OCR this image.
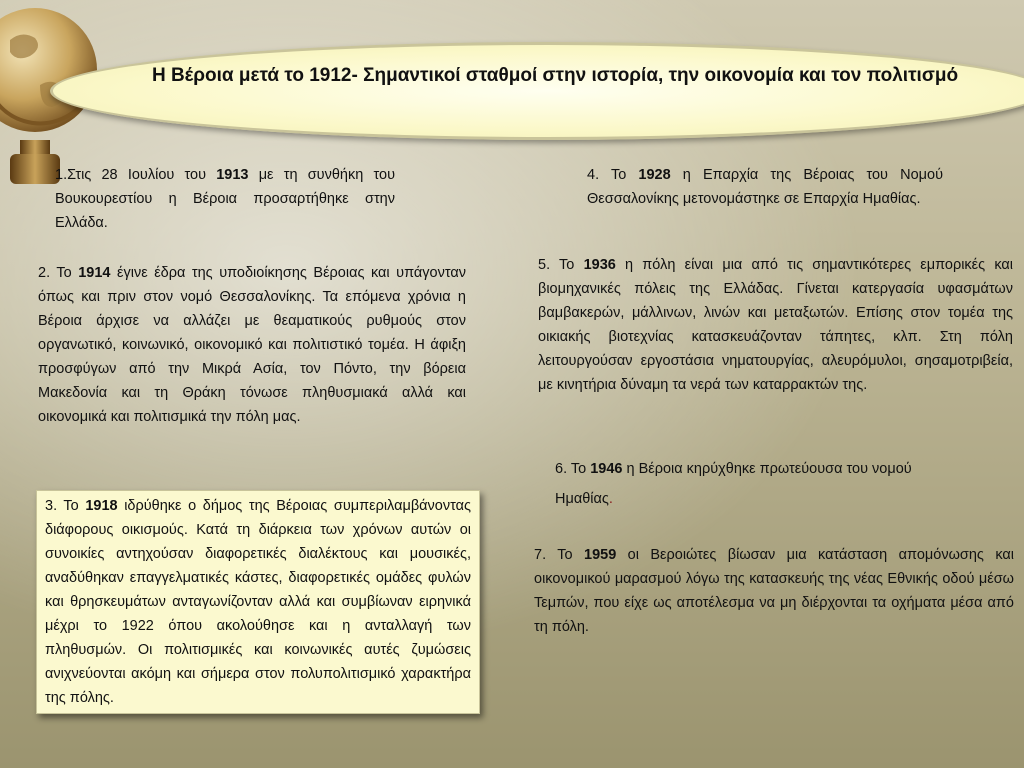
Η Βέροια μετά το 1912- Σημαντικοί σταθμοί στην ιστορία, την οικονομία και τον πολιτισμό
1.Στις 28 Ιουλίου του 1913 με τη συνθήκη του Βουκουρεστίου η Βέροια προσαρτήθηκε στην Ελλάδα.
2. Το 1914 έγινε έδρα της υποδιοίκησης Βέροιας και υπάγονταν όπως και πριν στον νομό Θεσσαλονίκης. Τα επόμενα χρόνια η Βέροια άρχισε να αλλάζει με θεαματικούς ρυθμούς στον οργανωτικό, κοινωνικό, οικονομικό και πολιτιστικό τομέα. Η άφιξη προσφύγων από την Μικρά Ασία, τον Πόντο, την βόρεια Μακεδονία και τη Θράκη τόνωσε πληθυσμιακά αλλά και οικονομικά και πολιτισμικά την πόλη μας.
3. Το 1918 ιδρύθηκε ο δήμος της Βέροιας συμπεριλαμβάνοντας διάφορους οικισμούς. Κατά τη διάρκεια των χρόνων αυτών οι συνοικίες αντηχούσαν διαφορετικές διαλέκτους και μουσικές, αναδύθηκαν επαγγελματικές κάστες, διαφορετικές ομάδες φυλών και θρησκευμάτων ανταγωνίζονταν αλλά και συμβίωναν ειρηνικά μέχρι το 1922 όπου ακολούθησε και η ανταλλαγή των πληθυσμών. Οι πολιτισμικές και κοινωνικές αυτές ζυμώσεις ανιχνεύονται ακόμη και σήμερα στον πολυπολιτισμικό χαρακτήρα της πόλης.
4. Το 1928 η Επαρχία της Βέροιας του Νομού Θεσσαλονίκης μετονομάστηκε σε Επαρχία Ημαθίας.
5. Το 1936 η πόλη είναι μια από τις σημαντικότερες εμπορικές και βιομηχανικές πόλεις της Ελλάδας. Γίνεται κατεργασία υφασμάτων βαμβακερών, μάλλινων, λινών και μεταξωτών. Επίσης στον τομέα της οικιακής βιοτεχνίας κατασκευάζονταν τάπητες, κλπ. Στη πόλη λειτουργούσαν εργοστάσια νηματουργίας, αλευρόμυλοι, σησαμοτριβεία, με κινητήρια δύναμη τα νερά των καταρρακτών της.
6. Το 1946 η Βέροια κηρύχθηκε πρωτεύουσα του νομού Ημαθίας.
7. Το 1959 οι Βεροιώτες βίωσαν μια κατάσταση απομόνωσης και οικονομικού μαρασμού λόγω της κατασκευής της νέας Εθνικής οδού μέσω Τεμπών, που είχε ως αποτέλεσμα να μη διέρχονται τα οχήματα μέσα από τη πόλη.
